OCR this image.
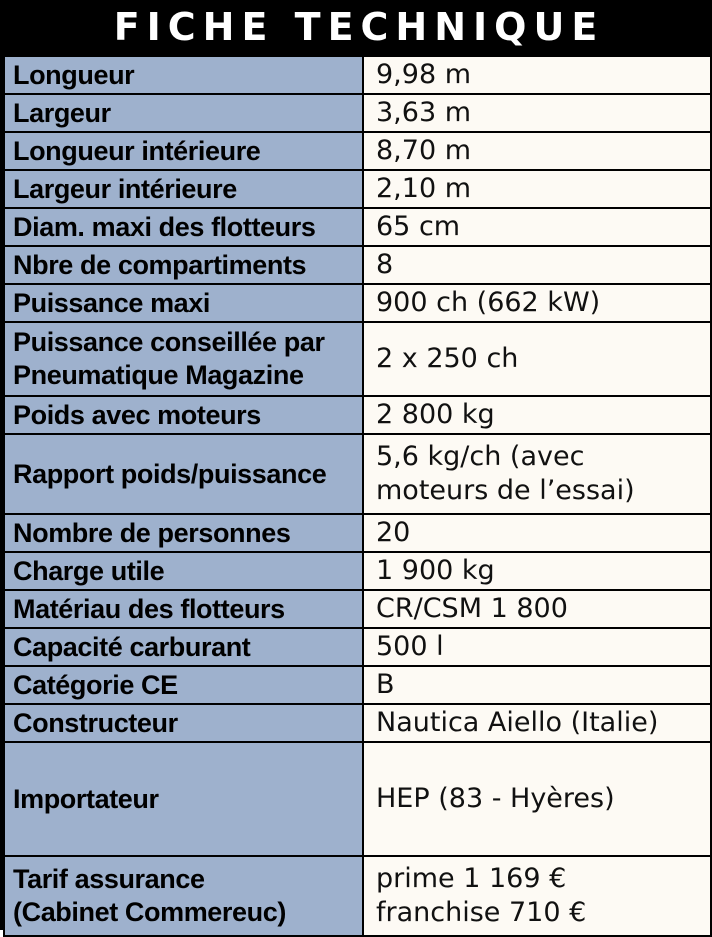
FICHE TECHNIQUE
Longueur	9,98 m

Largeur	3,63 m

Longueur intérieure	8,70 m

Largeur intérieure	2,10 m

Diam. maxi des flotteurs	65 cm

Nbre de compartiments	8

Puissance maxi	900 ch (662 kW)

Puissance conseillée par
Pneumatique Magazine	2 x 250 ch

Poids avec moteurs	2 800 kg

Rapport poids/puissance	5,6 kg/ch (avec
moteurs de l’essai)

Nombre de personnes	20

Charge utile	1 900 kg

Matériau des flotteurs	CR/CSM 1 800

Capacité carburant	500 l

Catégorie CE	B

Constructeur	Nautica Aiello (Italie)

Importateur	HEP (83 - Hyères)

Tarif assurance
(Cabinet Commereuc)	prime 1 169 €
franchise 710 €
